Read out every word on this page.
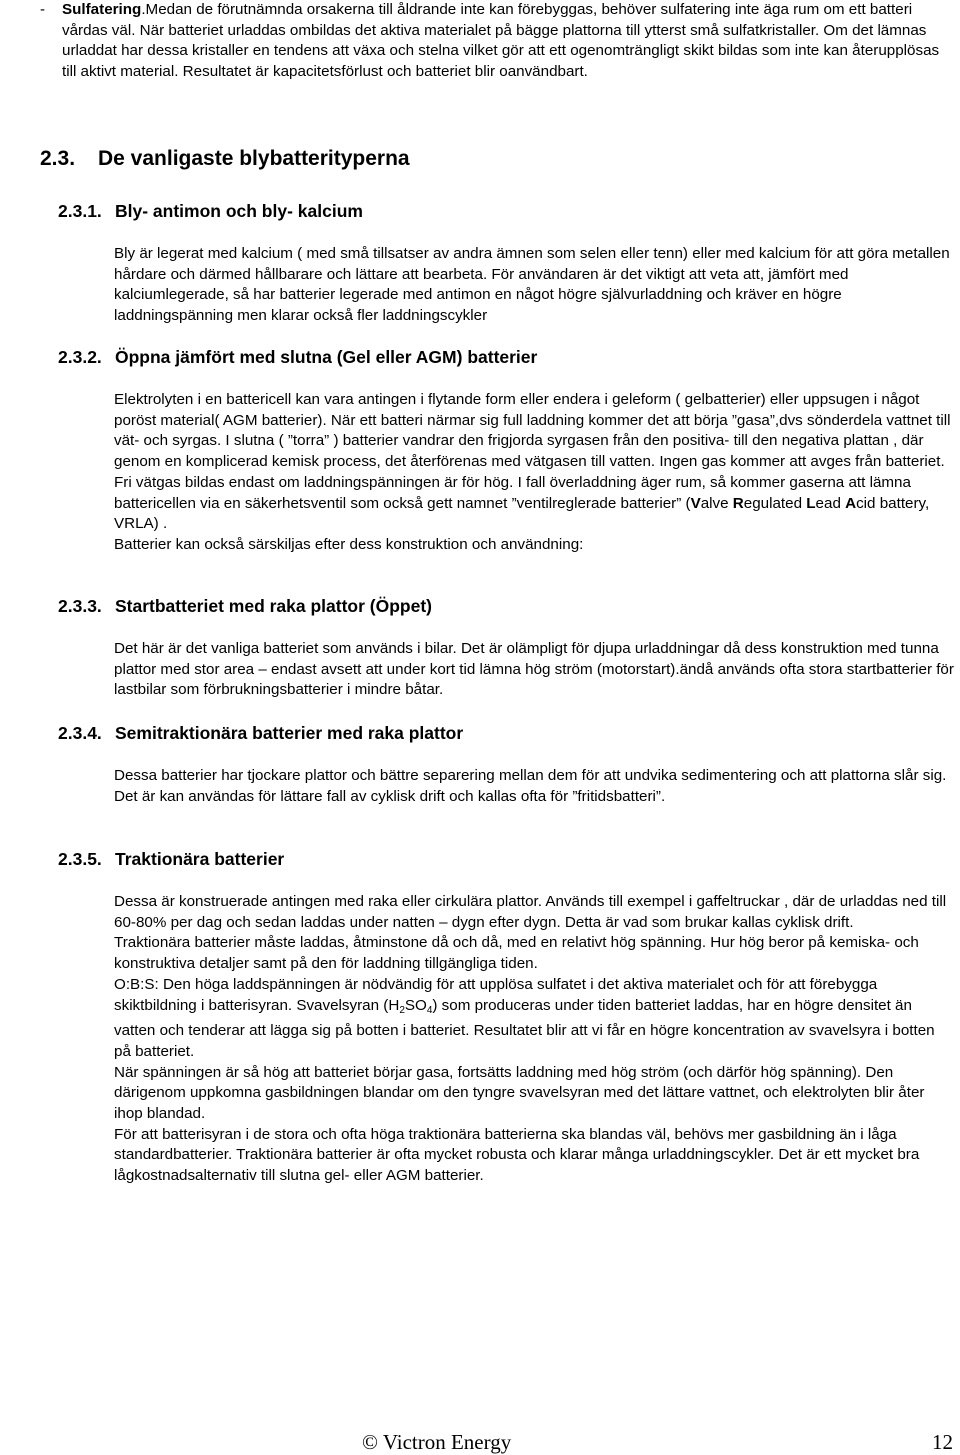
-	Sulfatering.Medan de förutnämnda orsakerna till åldrande inte kan förebyggas, behöver sulfatering inte äga rum om ett batteri vårdas väl. När batteriet urladdas ombildas det aktiva materialet på bägge plattorna till ytterst små sulfatkristaller. Om det lämnas urladdat har dessa kristaller en tendens att växa och stelna vilket gör att ett ogenomträngligt skikt bildas som inte kan återupplösas till aktivt material. Resultatet är kapacitetsförlust och batteriet blir oanvändbart.
2.3. De vanligaste blybatterityperna
2.3.1. Bly- antimon och bly- kalcium

Bly är legerat med kalcium ( med små tillsatser av andra ämnen som selen eller tenn) eller med kalcium för att göra metallen hårdare och därmed hållbarare och lättare att bearbeta. För användaren är det viktigt att veta att, jämfört med kalciumlegerade, så har batterier legerade med antimon en något högre självurladdning och kräver en högre laddningspänning men klarar också fler laddningscykler

2.3.2. Öppna jämfört med slutna (Gel eller AGM) batterier

Elektrolyten i en battericell kan vara antingen i flytande form eller endera i geleform ( gelbatterier) eller uppsugen i något poröst material( AGM batterier). När ett batteri närmar sig full laddning kommer det att börja ”gasa”,dvs sönderdela vattnet till vät- och syrgas. I slutna ( ”torra” ) batterier vandrar den frigjorda syrgasen från den positiva- till den negativa plattan , där genom en komplicerad kemisk process, det återförenas med vätgasen till vatten. Ingen gas kommer att avges från batteriet. Fri vätgas bildas endast om laddningspänningen är för hög. I fall överladdning äger rum, så kommer gaserna att lämna battericellen via en säkerhetsventil som också gett namnet ”ventilreglerade batterier” (Valve Regulated Lead Acid battery, VRLA) .

Batterier kan också särskiljas efter dess konstruktion och användning:

2.3.3. Startbatteriet med raka plattor (Öppet)

Det här är det vanliga batteriet som används i bilar. Det är olämpligt för djupa urladdningar då dess konstruktion med tunna plattor med stor area – endast avsett att under kort tid lämna hög ström (motorstart).ändå används ofta stora startbatterier för lastbilar som förbrukningsbatterier i mindre båtar.

2.3.4. Semitraktionära batterier med raka plattor

Dessa batterier har tjockare plattor och bättre separering mellan dem för att undvika sedimentering och att plattorna slår sig. Det är kan användas för lättare fall av cyklisk drift och kallas ofta för ”fritidsbatteri”.

2.3.5. Traktionära batterier

Dessa är konstruerade antingen med raka eller cirkulära plattor. Används till exempel i gaffeltruckar , där de urladdas ned till 60-80% per dag och sedan laddas under natten – dygn efter dygn. Detta är vad som brukar kallas cyklisk drift.

Traktionära batterier måste laddas, åtminstone då och då, med en relativt hög spänning. Hur hög beror på kemiska- och konstruktiva detaljer samt på den för laddning tillgängliga tiden.

O:B:S: Den höga laddspänningen är nödvändig för att upplösa sulfatet i det aktiva materialet och för att förebygga skiktbildning i batterisyran. Svavelsyran $(H_2SO_4)$ som produceras under tiden batteriet laddas, har en högre densitet än vatten och tenderar att lägga sig på botten i batteriet. Resultatet blir att vi får en högre koncentration av svavelsyra i botten på batteriet.

När spänningen är så hög att batteriet börjar gasa, fortsätts laddning med hög ström (och därför hög spänning). Den därigenom uppkomna gasbildningen blandar om den tyngre svavelsyran med det lättare vattnet, och elektrolyten blir åter ihop blandad.

För att batterisyran i de stora och ofta höga traktionära batterierna ska blandas väl, behövs mer gasbildning än i låga standardbatterier. Traktionära batterier är ofta mycket robusta och klarar många urladdningscykler. Det är ett mycket bra lågkostnadsalternativ till slutna gel- eller AGM batterier.

© Victron Energy	12
